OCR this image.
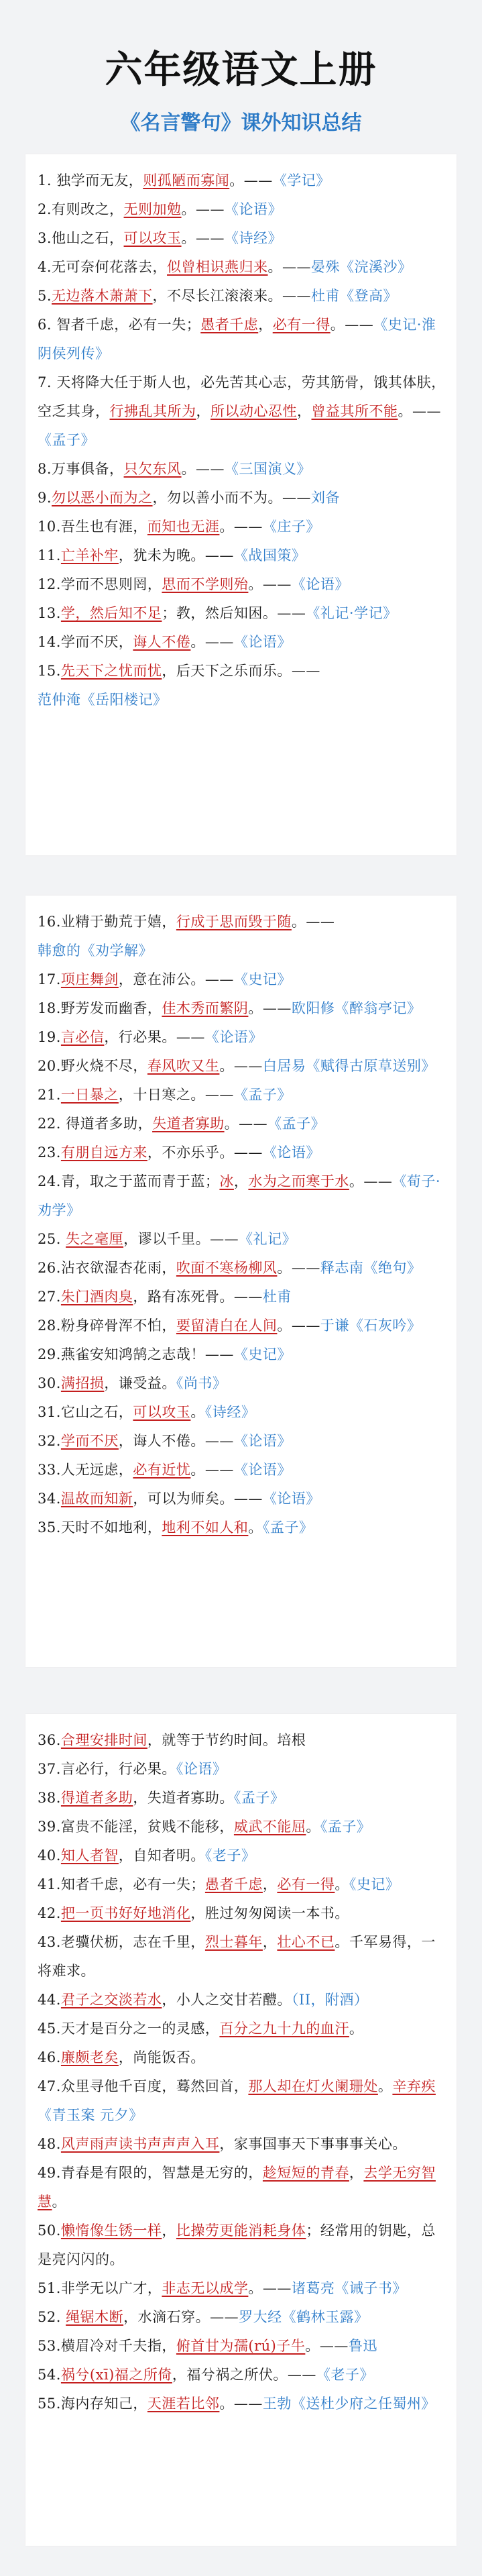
六年级语文上册
《名言警句》课外知识总结
1. 独学而无友，则孤陋而寡闻。——《学记》
2.有则改之，无则加勉。——《论语》
3.他山之石，可以攻玉。——《诗经》
4.无可奈何花落去，似曾相识燕归来。——晏殊《浣溪沙》
5.无边落木萧萧下，不尽长江滚滚来。——杜甫《登高》
6. 智者千虑，必有一失；愚者千虑，必有一得。——《史记·淮阴侯列传》
7. 天将降大任于斯人也，必先苦其心志，劳其筋骨，饿其体肤，空乏其身，行拂乱其所为，所以动心忍性，曾益其所不能。——《孟子》
8.万事俱备，只欠东风。——《三国演义》
9.勿以恶小而为之，勿以善小而不为。——刘备
10.吾生也有涯，而知也无涯。——《庄子》
11.亡羊补牢，犹未为晚。——《战国策》
12.学而不思则罔，思而不学则殆。——《论语》
13.学，然后知不足；教，然后知困。——《礼记·学记》
14.学而不厌，诲人不倦。——《论语》
15.先天下之忧而忧，后天下之乐而乐。——范仲淹《岳阳楼记》
16.业精于勤荒于嬉，行成于思而毁于随。——韩愈的《劝学解》
17.项庄舞剑，意在沛公。——《史记》
18.野芳发而幽香，佳木秀而繁阴。——欧阳修《醉翁亭记》
19.言必信，行必果。——《论语》
20.野火烧不尽，春风吹又生。——白居易《赋得古原草送别》
21.一日暴之，十日寒之。——《孟子》
22. 得道者多助，失道者寡助。——《孟子》
23.有朋自远方来，不亦乐乎。——《论语》
24.青，取之于蓝而青于蓝；冰，水为之而寒于水。——《荀子·劝学》
25. 失之毫厘，谬以千里。——《礼记》
26.沾衣欲湿杏花雨，吹面不寒杨柳风。——释志南《绝句》
27.朱门酒肉臭，路有冻死骨。——杜甫
28.粉身碎骨浑不怕，要留清白在人间。——于谦《石灰吟》
29.燕雀安知鸿鹄之志哉！——《史记》
30.满招损，谦受益。《尚书》
31.它山之石，可以攻玉。《诗经》
32.学而不厌，诲人不倦。——《论语》
33.人无远虑，必有近忧。——《论语》
34.温故而知新，可以为师矣。——《论语》
35.天时不如地利，地利不如人和。《孟子》
36.合理安排时间，就等于节约时间。培根
37.言必行，行必果。《论语》
38.得道者多助，失道者寡助。《孟子》
39.富贵不能淫，贫贱不能移，威武不能屈。《孟子》
40.知人者智，自知者明。《老子》
41.知者千虑，必有一失；愚者千虑，必有一得。《史记》
42.把一页书好好地消化，胜过匆匆阅读一本书。
43.老骥伏枥，志在千里，烈士暮年，壮心不已。千军易得，一将难求。
44.君子之交淡若水，小人之交甘若醴。（II，附酒）
45.天才是百分之一的灵感，百分之九十九的血汗。
46.廉颇老矣，尚能饭否。
47.众里寻他千百度，蓦然回首，那人却在灯火阑珊处。辛弃疾 《青玉案 元夕》
48.风声雨声读书声声声入耳，家事国事天下事事事关心。
49.青春是有限的，智慧是无穷的，趁短短的青春，去学无穷智慧。
50.懒惰像生锈一样，比操劳更能消耗身体；经常用的钥匙，总是亮闪闪的。
51.非学无以广才，非志无以成学。——诸葛亮《诫子书》
52. 绳锯木断，水滴石穿。——罗大经《鹤林玉露》
53.横眉冷对千夫指，俯首甘为孺(rú)子牛。——鲁迅
54.祸兮(xī)福之所倚，福兮祸之所伏。——《老子》
55.海内存知己，天涯若比邻。——王勃《送杜少府之任蜀州》
